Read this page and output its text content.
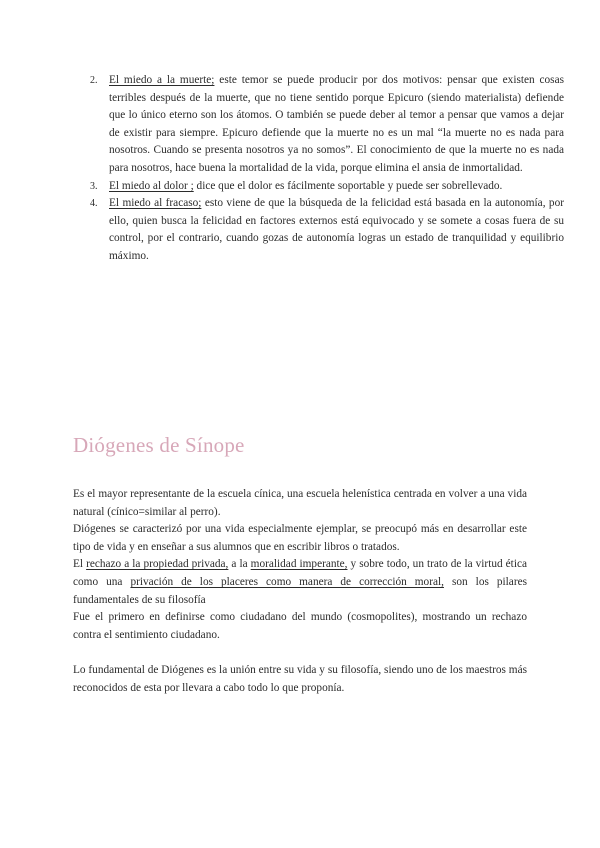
2. El miedo a la muerte; este temor se puede producir por dos motivos: pensar que existen cosas terribles después de la muerte, que no tiene sentido porque Epicuro (siendo materialista) defiende que lo único eterno son los átomos. O también se puede deber al temor a pensar que vamos a dejar de existir para siempre. Epicuro defiende que la muerte no es un mal “la muerte no es nada para nosotros. Cuando se presenta nosotros ya no somos”. El conocimiento de que la muerte no es nada para nosotros, hace buena la mortalidad de la vida, porque elimina el ansia de inmortalidad.
3. El miedo al dolor ; dice que el dolor es fácilmente soportable y puede ser sobrellevado.
4. El miedo al fracaso; esto viene de que la búsqueda de la felicidad está basada en la autonomía, por ello, quien busca la felicidad en factores externos está equivocado y se somete a cosas fuera de su control, por el contrario, cuando gozas de autonomía logras un estado de tranquilidad y equilibrio máximo.
Diógenes de Sínope

Es el mayor representante de la escuela cínica, una escuela helenística centrada en volver a una vida natural (cínico=similar al perro).

Diógenes se caracterizó por una vida especialmente ejemplar, se preocupó más en desarrollar este tipo de vida y en enseñar a sus alumnos que en escribir libros o tratados.

El rechazo a la propiedad privada, a la moralidad imperante, y sobre todo, un trato de la virtud ética como una privación de los placeres como manera de corrección moral, son los pilares fundamentales de su filosofía

Fue el primero en definirse como ciudadano del mundo (cosmopolites), mostrando un rechazo contra el sentimiento ciudadano.

Lo fundamental de Diógenes es la unión entre su vida y su filosofía, siendo uno de los maestros más reconocidos de esta por llevara a cabo todo lo que proponía.
